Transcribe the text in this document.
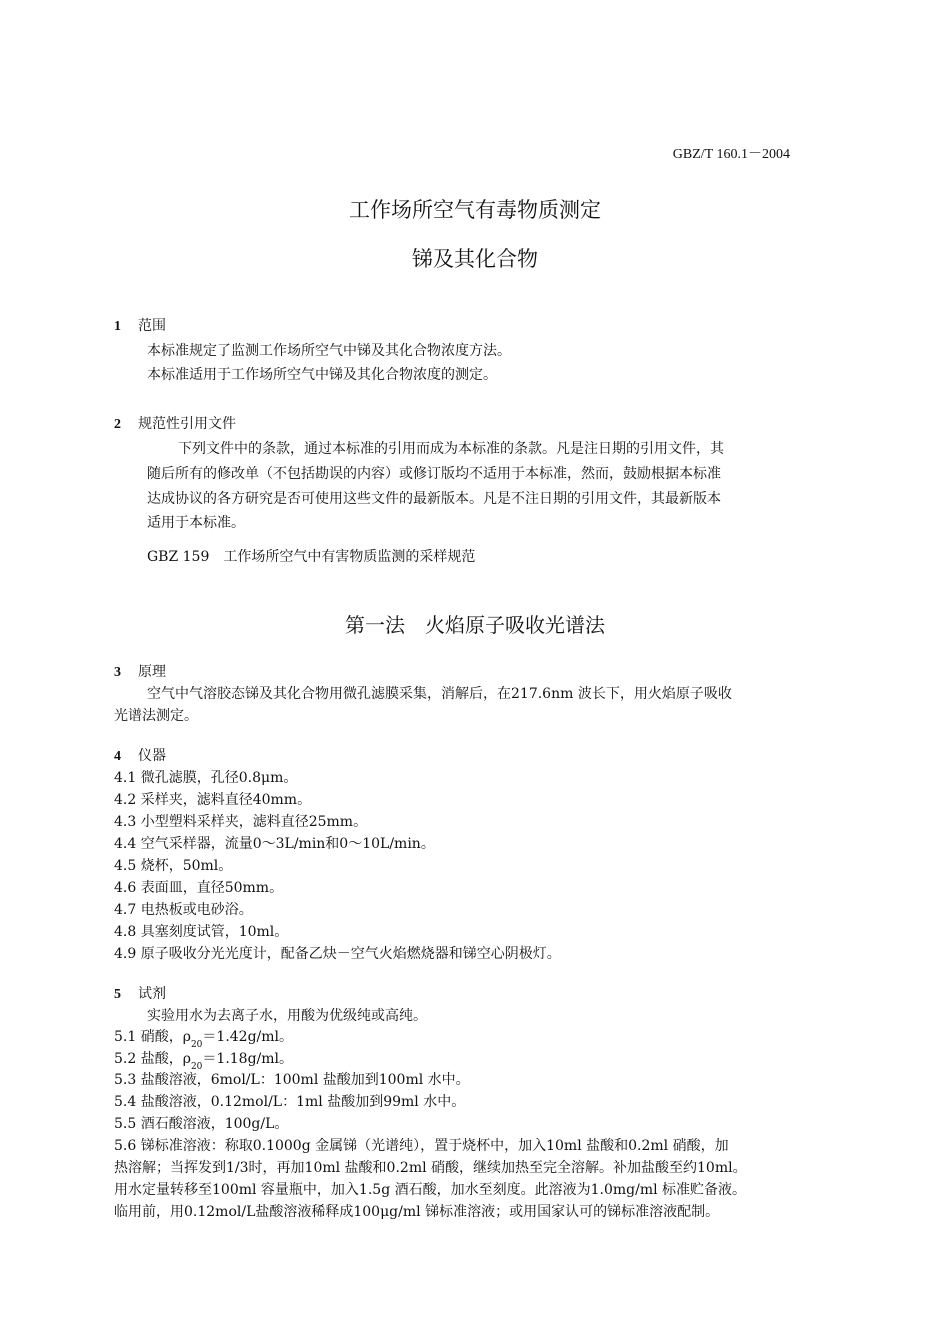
GBZ/T 160.1－2004
工作场所空气有毒物质测定
锑及其化合物
1 范围
本标准规定了监测工作场所空气中锑及其化合物浓度方法。
本标准适用于工作场所空气中锑及其化合物浓度的测定。
2 规范性引用文件
下列文件中的条款，通过本标准的引用而成为本标准的条款。凡是注日期的引用文件，其
随后所有的修改单（不包括勘误的内容）或修订版均不适用于本标准，然而，鼓励根据本标准
达成协议的各方研究是否可使用这些文件的最新版本。凡是不注日期的引用文件，其最新版本
适用于本标准。
GBZ 159　工作场所空气中有害物质监测的采样规范
第一法　火焰原子吸收光谱法
3 原理
空气中气溶胶态锑及其化合物用微孔滤膜采集，消解后，在217.6nm 波长下，用火焰原子吸收
光谱法测定。
4 仪器
4.1 微孔滤膜，孔径0.8μm。
4.2 采样夹，滤料直径40mm。
4.3 小型塑料采样夹，滤料直径25mm。
4.4 空气采样器，流量0～3L/min和0～10L/min。
4.5 烧杯，50ml。
4.6 表面皿，直径50mm。
4.7 电热板或电砂浴。
4.8 具塞刻度试管，10ml。
4.9 原子吸收分光光度计，配备乙炔－空气火焰燃烧器和锑空心阴极灯。
5 试剂
实验用水为去离子水，用酸为优级纯或高纯。
5.1 硝酸，$\rho_{20}=1.42g/ml$。
5.2 盐酸，$\rho_{20}=1.18g/ml$。
5.3 盐酸溶液，6mol/L：100ml 盐酸加到100ml 水中。
5.4 盐酸溶液，0.12mol/L：1ml 盐酸加到99ml 水中。
5.5 酒石酸溶液，100g/L。
5.6 锑标准溶液：称取0.1000g 金属锑（光谱纯），置于烧杯中，加入10ml 盐酸和0.2ml 硝酸，加
热溶解；当挥发到1/3时，再加10ml 盐酸和0.2ml 硝酸，继续加热至完全溶解。补加盐酸至约10ml。
用水定量转移至100ml 容量瓶中，加入1.5g 酒石酸，加水至刻度。此溶液为1.0mg/ml 标准贮备液。
临用前，用0.12mol/L盐酸溶液稀释成100μg/ml 锑标准溶液；或用国家认可的锑标准溶液配制。
